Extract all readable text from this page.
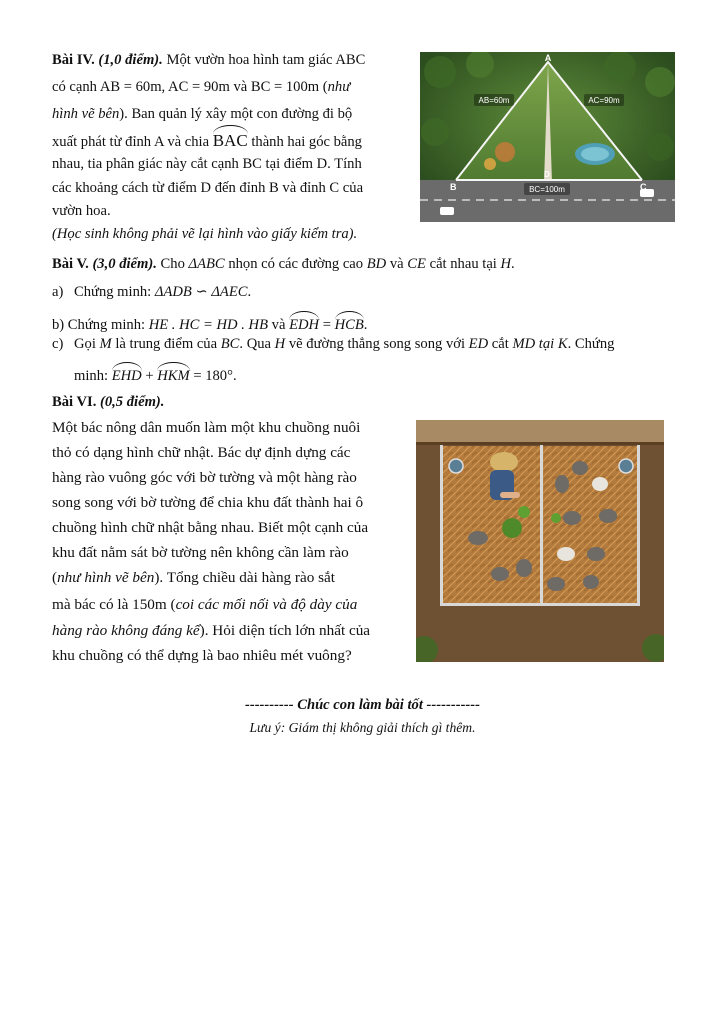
Bài IV. (1,0 điểm). Một vườn hoa hình tam giác ABC
có cạnh AB = 60m, AC = 90m và BC = 100m (như
hình vẽ bên). Ban quản lý xây một con đường đi bộ
xuất phát từ đỉnh A và chia BAC thành hai góc bằng
nhau, tia phân giác này cắt cạnh BC tại điểm D. Tính
các khoảng cách từ điểm D đến đỉnh B và đỉnh C của
vườn hoa.
(Học sinh không phải vẽ lại hình vào giấy kiểm tra).
A
B	C
D
AB=60m	AC=90m
BC=100m
Bài V. (3,0 điểm). Cho ΔABC nhọn có các đường cao BD và CE cắt nhau tại H.
a) Chứng minh: ΔADB ∽ ΔAEC.
b) Chứng minh: HE . HC = HD . HB và EDH = HCB.
c) Gọi M là trung điểm của BC. Qua H vẽ đường thẳng song song với ED cắt MD tại K. Chứng
minh: EHD + HKM = 180°.
Bài VI. (0,5 điểm).
Một bác nông dân muốn làm một khu chuồng nuôi
thỏ có dạng hình chữ nhật. Bác dự định dựng các
hàng rào vuông góc với bờ tường và một hàng rào
song song với bờ tường để chia khu đất thành hai ô
chuồng hình chữ nhật bằng nhau. Biết một cạnh của
khu đất nằm sát bờ tường nên không cần làm rào
(như hình vẽ bên). Tổng chiều dài hàng rào sắt
mà bác có là 150m (coi các mối nối và độ dày của
hàng rào không đáng kể). Hỏi diện tích lớn nhất của
khu chuồng có thể dựng là bao nhiêu mét vuông?
---------- Chúc con làm bài tốt -----------
Lưu ý: Giám thị không giải thích gì thêm.
